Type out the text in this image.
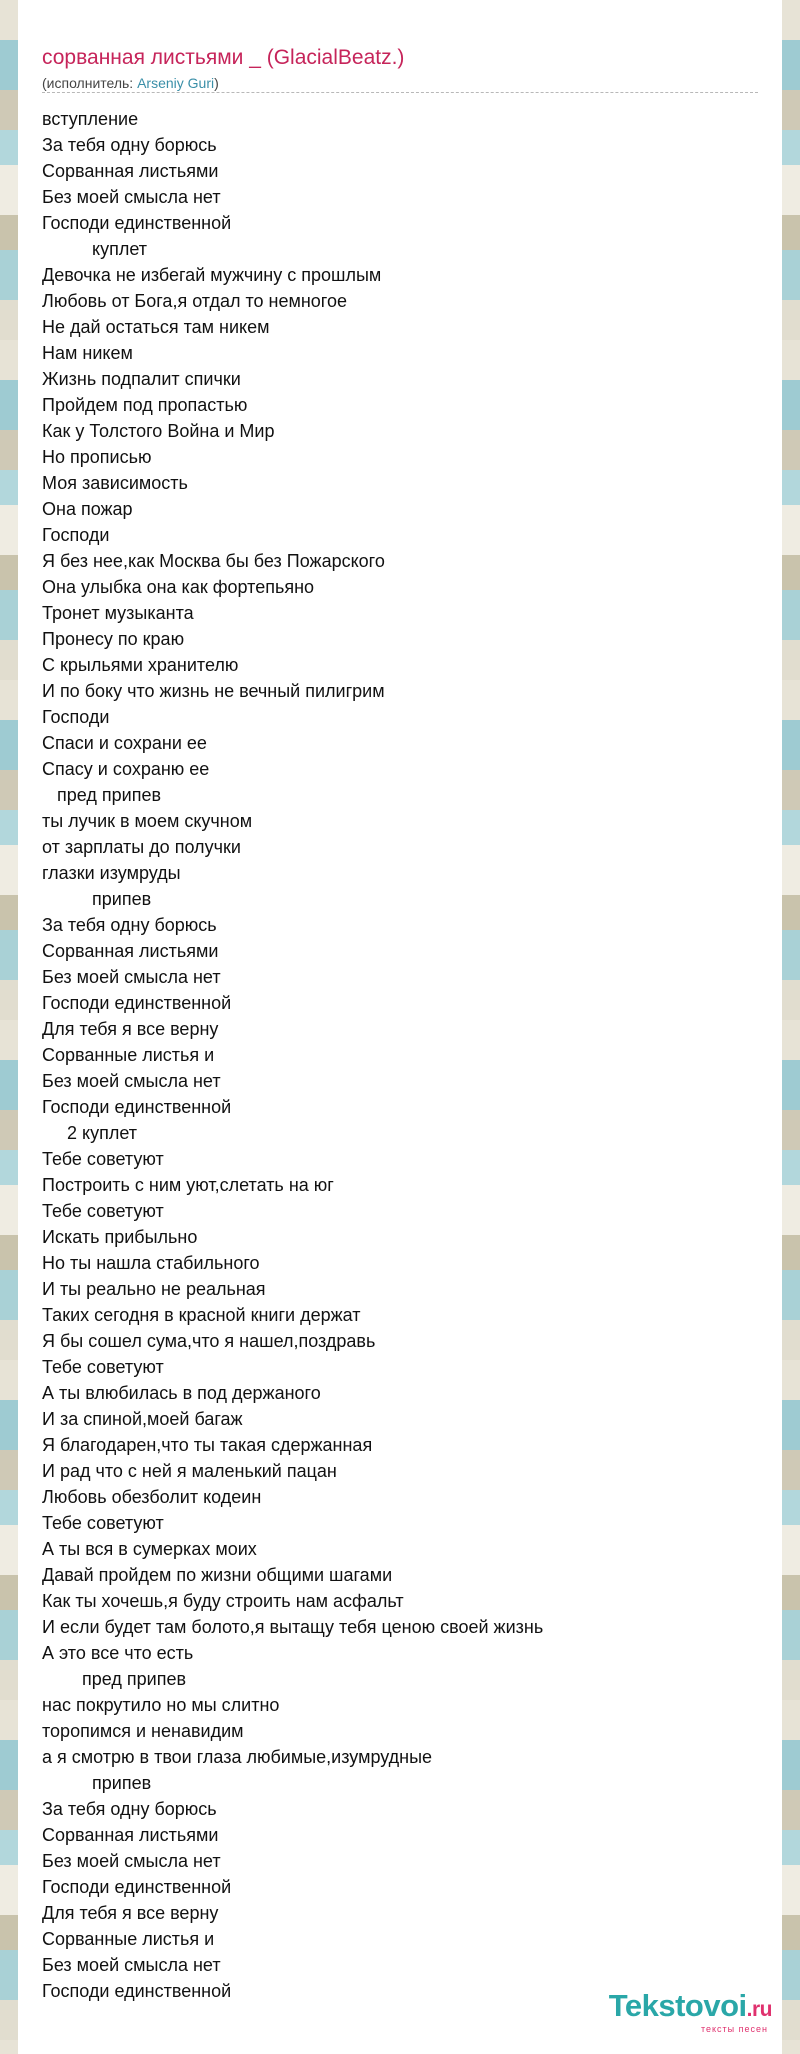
сорванная листьями _ (GlacialBeatz.)
(исполнитель: Arseniy Guri)
вступление
За тебя одну борюсь
Сорванная листьями
Без моей смысла нет
Господи единственной
куплет
Девочка не избегай мужчину с прошлым
Любовь от Бога,я отдал то немногое
Не дай остаться там никем
Нам никем
Жизнь подпалит спички
Пройдем под пропастью
Как у Толстого Война и Мир
Но прописью
Моя зависимость
Она пожар
Господи
Я без нее,как Москва бы без Пожарского
Она улыбка она как фортепьяно
Тронет музыканта
Пронесу по краю
С крыльями хранителю
И по боку что жизнь не вечный пилигрим
Господи
Спаси и сохрани ее
Спасу и сохраню ее
пред припев
ты лучик в моем скучном
от зарплаты до получки
глазки изумруды
припев
За тебя одну борюсь
Сорванная листьями
Без моей смысла нет
Господи единственной
Для тебя я все верну
Сорванные листья и
Без моей смысла нет
Господи единственной
2 куплет
Тебе советуют
Построить с ним уют,слетать на юг
Тебе советуют
Искать прибыльно
Но ты нашла стабильного
И ты реально не реальная
Таких сегодня в красной книги держат
Я бы сошел сума,что я нашел,поздравь
Тебе советуют
А ты влюбилась в под держаного
И за спиной,моей багаж
Я благодарен,что ты такая сдержанная
И рад что с ней я маленький пацан
Любовь обезболит кодеин
Тебе советуют
А ты вся в сумерках моих
Давай пройдем по жизни общими шагами
Как ты хочешь,я буду строить нам асфальт
И если будет там болото,я вытащу тебя ценою своей жизнь
А это все что есть
пред припев
нас покрутило но мы слитно
торопимся и ненавидим
а я смотрю в твои глаза любимые,изумрудные
припев
За тебя одну борюсь
Сорванная листьями
Без моей смысла нет
Господи единственной
Для тебя я все верну
Сорванные листья и
Без моей смысла нет
Господи единственной	Tekstovoi.ru
тексты песен
